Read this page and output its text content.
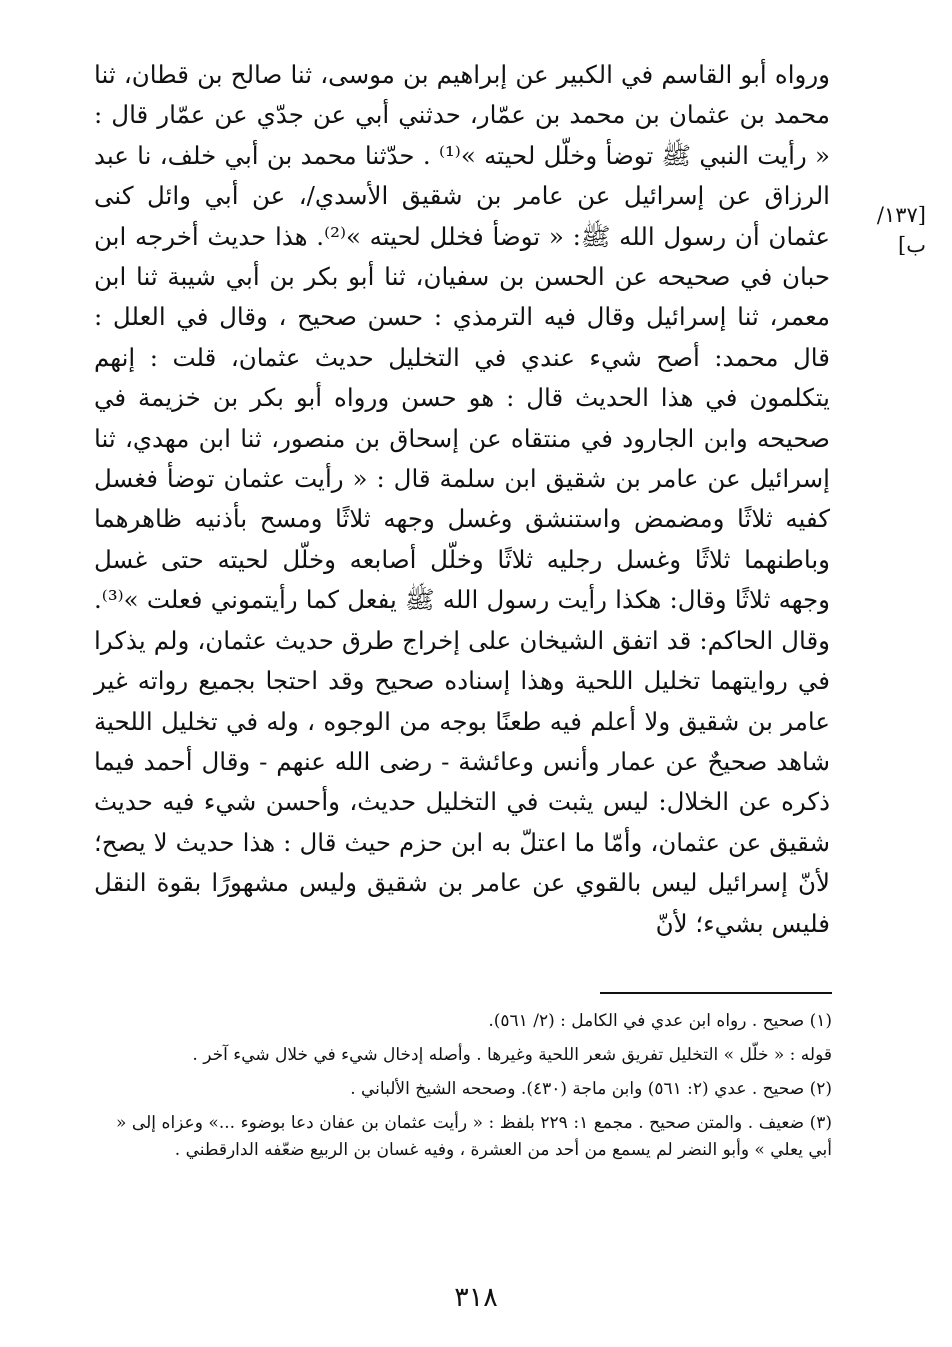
[١٣٧/ ب]

ورواه أبو القاسم في الكبير عن إبراهيم بن موسى، ثنا صالح بن قطان، ثنا محمد بن عثمان بن محمد بن عمّار، حدثني أبي عن جدّي عن عمّار قال : « رأيت النبي ﷺ توضأ وخلّل لحيته »⁽¹⁾ . حدّثنا محمد بن أبي خلف، نا عبد الرزاق عن إسرائيل عن عامر بن شقيق الأسدي/، عن أبي وائل كنى عثمان أن رسول الله ﷺ: « توضأ فخلل لحيته »⁽²⁾. هذا حديث أخرجه ابن حبان في صحيحه عن الحسن بن سفيان، ثنا أبو بكر بن أبي شيبة ثنا ابن معمر، ثنا إسرائيل وقال فيه الترمذي : حسن صحيح ، وقال في العلل : قال محمد: أصح شيء عندي في التخليل حديث عثمان، قلت : إنهم يتكلمون في هذا الحديث قال : هو حسن ورواه أبو بكر بن خزيمة في صحيحه وابن الجارود في منتقاه عن إسحاق بن منصور، ثنا ابن مهدي، ثنا إسرائيل عن عامر بن شقيق ابن سلمة قال : « رأيت عثمان توضأ فغسل كفيه ثلاثًا ومضمض واستنشق وغسل وجهه ثلاثًا ومسح بأذنيه ظاهرهما وباطنهما ثلاثًا وغسل رجليه ثلاثًا وخلّل أصابعه وخلّل لحيته حتى غسل وجهه ثلاثًا وقال: هكذا رأيت رسول الله ﷺ يفعل كما رأيتموني فعلت »⁽³⁾. وقال الحاكم: قد اتفق الشيخان على إخراج طرق حديث عثمان، ولم يذكرا في روايتهما تخليل اللحية وهذا إسناده صحيح وقد احتجا بجميع رواته غير عامر بن شقيق ولا أعلم فيه طعنًا بوجه من الوجوه ، وله في تخليل اللحية شاهد صحيحٌ عن عمار وأنس وعائشة - رضى الله عنهم - وقال أحمد فيما ذكره عن الخلال: ليس يثبت في التخليل حديث، وأحسن شيء فيه حديث شقيق عن عثمان، وأمّا ما اعتلّ به ابن حزم حيث قال : هذا حديث لا يصح؛ لأنّ إسرائيل ليس بالقوي عن عامر بن شقيق وليس مشهورًا بقوة النقل فليس بشيء؛ لأنّ

(١) صحيح . رواه ابن عدي في الكامل : (٢/ ٥٦١).

قوله : « خلّل » التخليل تفريق شعر اللحية وغيرها . وأصله إدخال شيء في خلال شيء آخر .

(٢) صحيح . عدي (٢: ٥٦١) وابن ماجة (٤٣٠). وصححه الشيخ الألباني .

(٣) ضعيف . والمتن صحيح . مجمع ١: ٢٢٩ بلفظ : « رأيت عثمان بن عفان دعا بوضوء ...» وعزاه إلى « أبي يعلي » وأبو النضر لم يسمع من أحد من العشرة ، وفيه غسان بن الربيع ضعّفه الدارقطني .

٣١٨
